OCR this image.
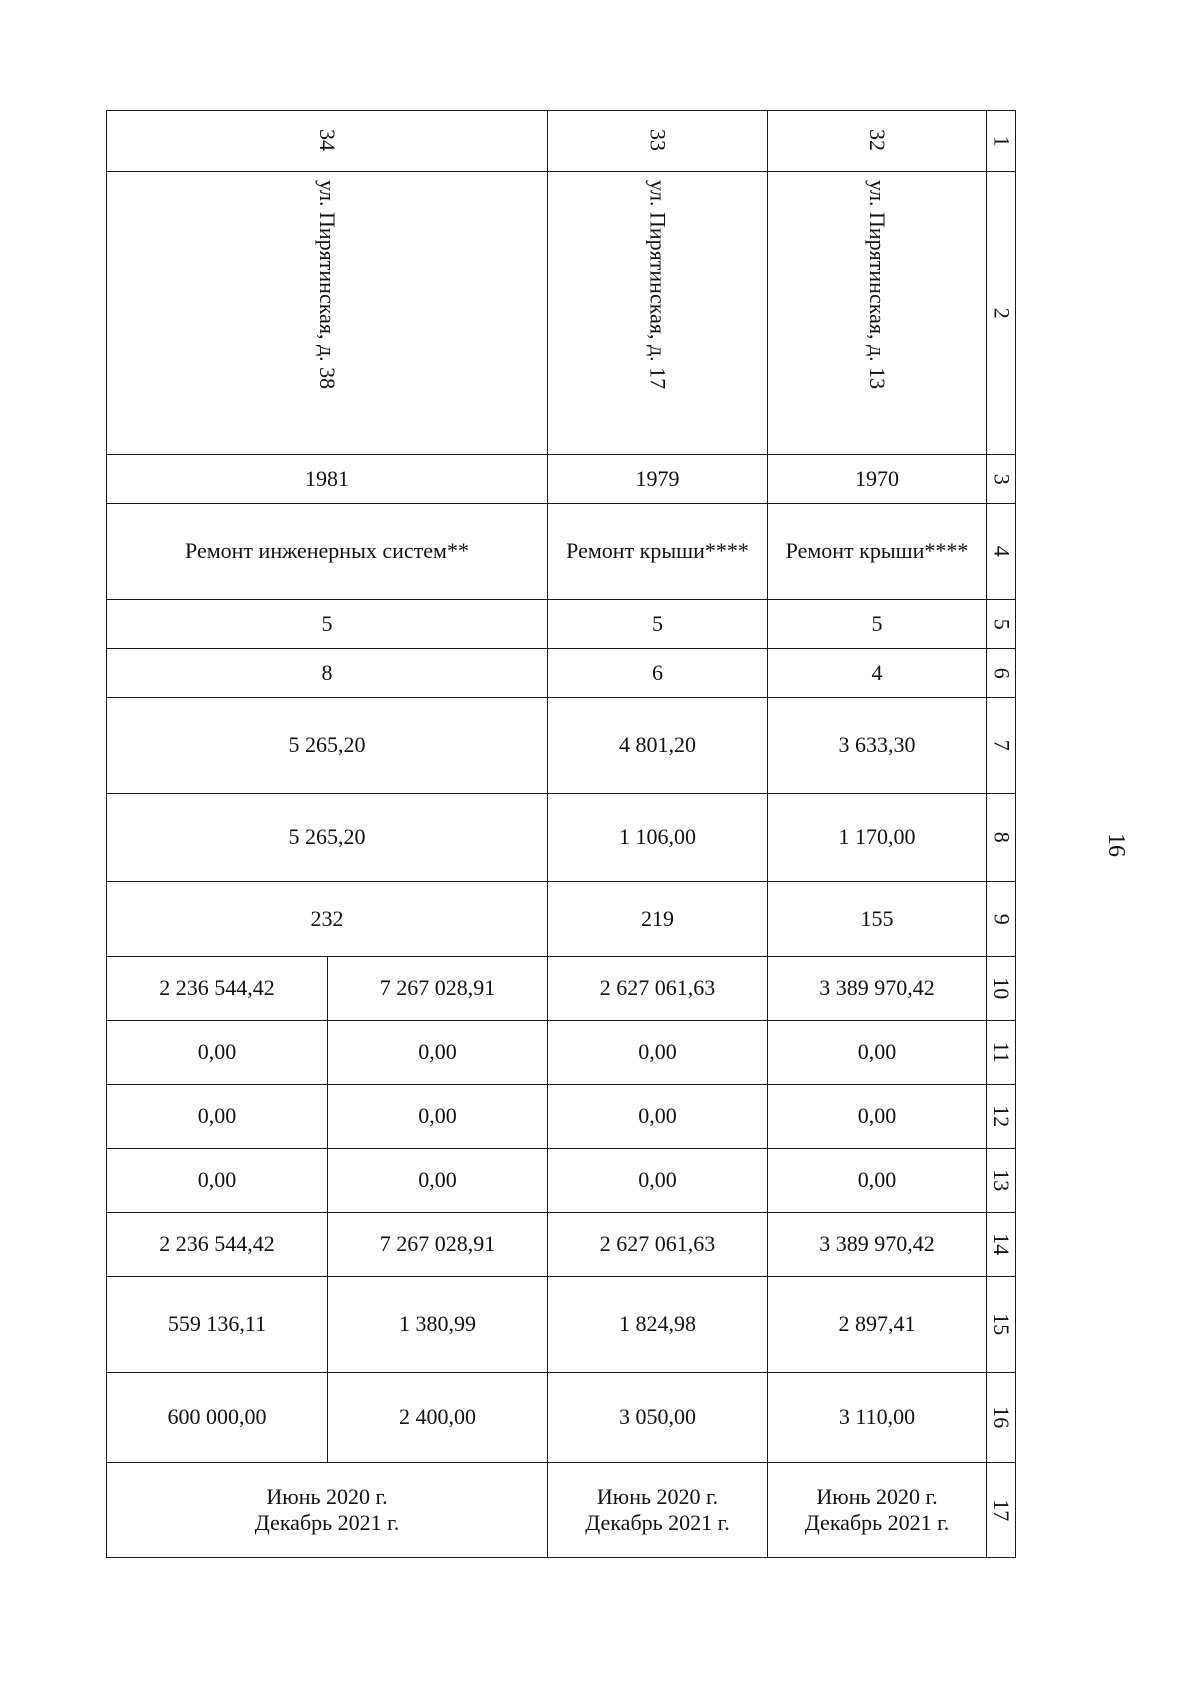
16
34		33	32	1

ул. Пирятинская, д. 38		ул. Пирятинская, д. 17	ул. Пирятинская, д. 13	2
1981		1979	1970	3
Ремонт инженерных систем**		Ремонт крыши****	Ремонт крыши****	4
5		5	5	5
8		6	4	6
5 265,20		4 801,20	3 633,30	7
5 265,20		1 106,00	1 170,00	8
232		219	155	9
2 236 544,42	7 267 028,91	2 627 061,63	3 389 970,42	10
0,00	0,00	0,00	0,00	11
0,00	0,00	0,00	0,00	12
0,00	0,00	0,00	0,00	13
2 236 544,42	7 267 028,91	2 627 061,63	3 389 970,42	14
559 136,11	1 380,99	1 824,98	2 897,41	15
600 000,00	2 400,00	3 050,00	3 110,00	16

Июнь 2020 г.
Декабрь 2021 г.		Июнь 2020 г.
Декабрь 2021 г.	Июнь 2020 г.
Декабрь 2021 г.	17
